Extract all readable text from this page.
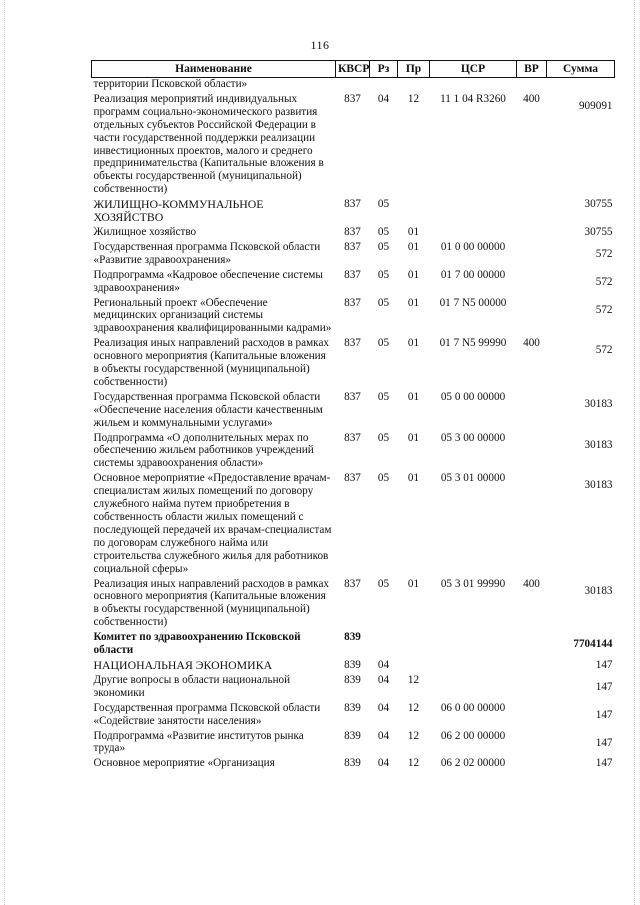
116
Наименование	КВСР	Рз	Пр	ЦСР	ВР	Сумма
территории Псковской области»						
Реализация мероприятий индивидуальных программ социально-экономического развития отдельных субъектов Российской Федерации в части государственной поддержки реализации инвестиционных проектов, малого и среднего предпринимательства (Капитальные вложения в объекты государственной (муниципальной) собственности)	837	04	12	11 1 04 R3260	400	909091
ЖИЛИЩНО-КОММУНАЛЬНОЕ ХОЗЯЙСТВО	837	05				30755
Жилищное хозяйство	837	05	01			30755
Государственная программа Псковской области «Развитие здравоохранения»	837	05	01	01 0 00 00000		572
Подпрограмма «Кадровое обеспечение системы здравоохранения»	837	05	01	01 7 00 00000		572
Региональный проект «Обеспечение медицинских организаций системы здравоохранения квалифицированными кадрами»	837	05	01	01 7 N5 00000		572
Реализация иных направлений расходов в рамках основного мероприятия (Капитальные вложения в объекты государственной (муниципальной) собственности)	837	05	01	01 7 N5 99990	400	572
Государственная программа Псковской области «Обеспечение населения области качественным жильем и коммунальными услугами»	837	05	01	05 0 00 00000		30183
Подпрограмма «О дополнительных мерах по обеспечению жильем работников учреждений системы здравоохранения области»	837	05	01	05 3 00 00000		30183
Основное мероприятие «Предоставление врачам-специалистам жилых помещений по договору служебного найма путем приобретения в собственность области жилых помещений с последующей передачей их врачам-специалистам по договорам служебного найма или строительства служебного жилья для работников социальной сферы»	837	05	01	05 3 01 00000		30183
Реализация иных направлений расходов в рамках основного мероприятия (Капитальные вложения в объекты государственной (муниципальной) собственности)	837	05	01	05 3 01 99990	400	30183
Комитет по здравоохранению Псковской области	839					7704144
НАЦИОНАЛЬНАЯ ЭКОНОМИКА	839	04				147
Другие вопросы в области национальной экономики	839	04	12			147
Государственная программа Псковской области «Содействие занятости населения»	839	04	12	06 0 00 00000		147
Подпрограмма «Развитие институтов рынка труда»	839	04	12	06 2 00 00000		147
Основное мероприятие «Организация	839	04	12	06 2 02 00000		147
